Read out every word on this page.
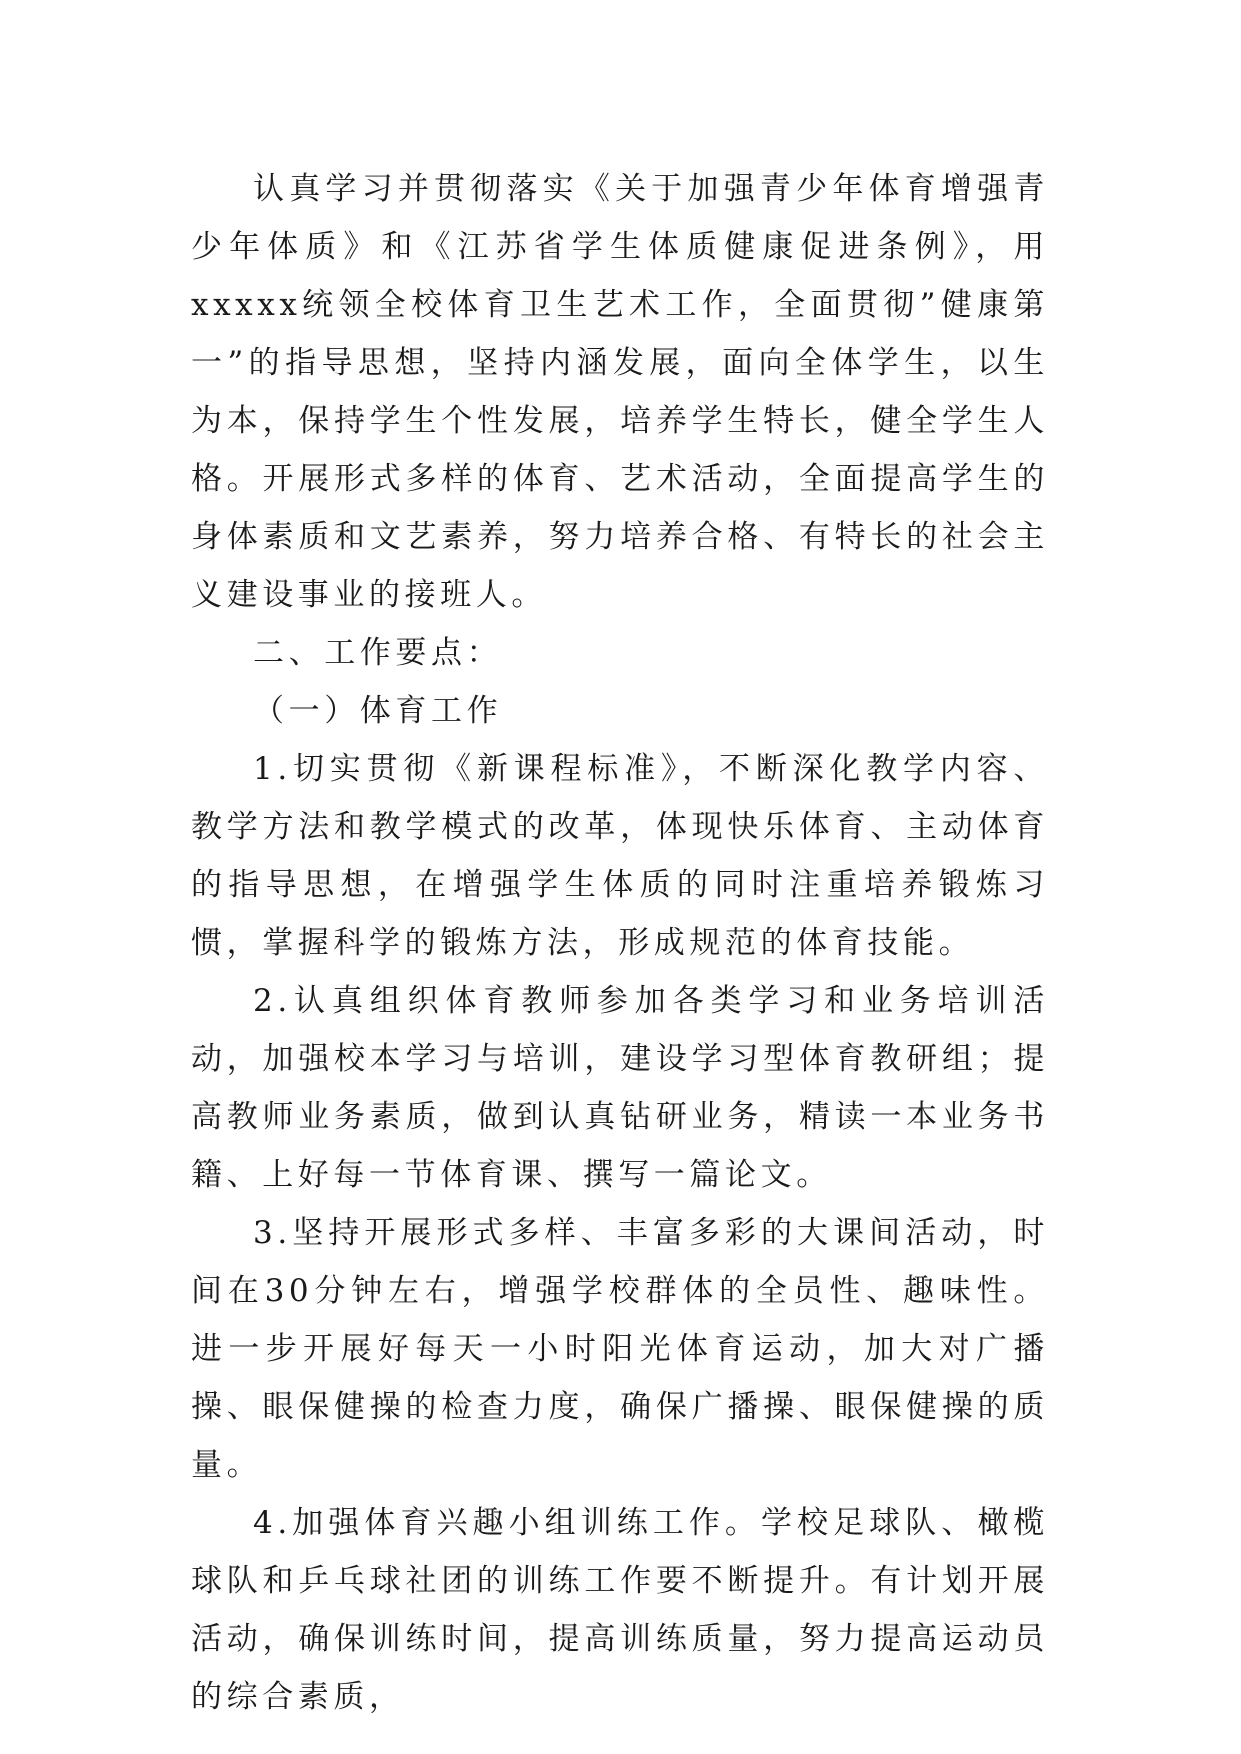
认真学习并贯彻落实《关于加强青少年体育增强青少年体质》和《江苏省学生体质健康促进条例》，用xxxxx统领全校体育卫生艺术工作，全面贯彻”健康第一”的指导思想，坚持内涵发展，面向全体学生，以生为本，保持学生个性发展，培养学生特长，健全学生人格。开展形式多样的体育、艺术活动，全面提高学生的身体素质和文艺素养，努力培养合格、有特长的社会主义建设事业的接班人。

二、工作要点：

（一）体育工作

1.切实贯彻《新课程标准》，不断深化教学内容、教学方法和教学模式的改革，体现快乐体育、主动体育的指导思想，在增强学生体质的同时注重培养锻炼习惯，掌握科学的锻炼方法，形成规范的体育技能。

2.认真组织体育教师参加各类学习和业务培训活动，加强校本学习与培训，建设学习型体育教研组；提高教师业务素质，做到认真钻研业务，精读一本业务书籍、上好每一节体育课、撰写一篇论文。

3.坚持开展形式多样、丰富多彩的大课间活动，时间在30分钟左右，增强学校群体的全员性、趣味性。进一步开展好每天一小时阳光体育运动，加大对广播操、眼保健操的检查力度，确保广播操、眼保健操的质量。

4.加强体育兴趣小组训练工作。学校足球队、橄榄球队和乒乓球社团的训练工作要不断提升。有计划开展活动，确保训练时间，提高训练质量，努力提高运动员的综合素质，
